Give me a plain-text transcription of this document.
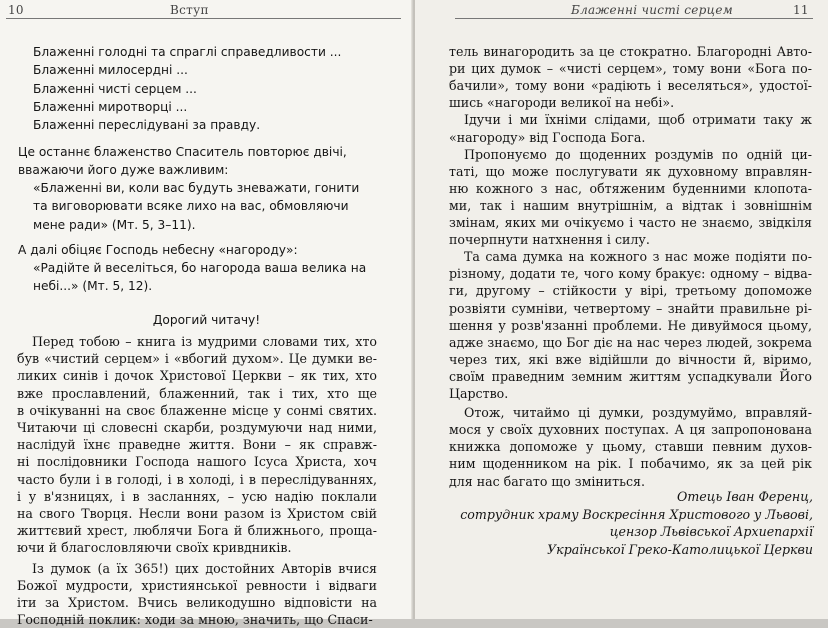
10	Вступ
Блаженні голодні та спраглі справедливости ...
Блаженні милосердні ...
Блаженні чисті серцем ...
Блаженні миротворці ...
Блаженні переслідувані за правду.
Це останнє блаженство Спаситель повторює двічі,
вважаючи його дуже важливим:
«Блаженні ви, коли вас будуть зневажати, гонити
та виговорювати всяке лихо на вас, обмовляючи
мене ради» (Мт. 5, 3–11).
А далі обіцяє Господь небесну «нагороду»:
«Радійте й веселіться, бо нагорода ваша велика на
небі...» (Мт. 5, 12).
Дорогий читачу!
Перед тобою – книга із мудрими словами тих, хто
був «чистий серцем» і «вбогий духом». Це думки ве-
ликих синів і дочок Христової Церкви – як тих, хто
вже прославлений, блаженний, так і тих, хто ще
в очікуванні на своє блаженне місце у сонмі святих.
Читаючи ці словесні скарби, роздумуючи над ними,
наслідуй їхнє праведне життя. Вони – як справж-
ні послідовники Господа нашого Ісуса Христа, хоч
часто були і в голоді, і в холоді, і в переслідуваннях,
і у в'язницях, і в засланнях, – усю надію поклали
на свого Творця. Несли вони разом із Христом свій
життєвий хрест, люблячи Бога й ближнього, проща-
ючи й благословляючи своїх кривдників.
Із думок (а їх 365!) цих достойних Авторів вчися
Божої мудрости, християнської ревности і відваги
іти за Христом. Вчись великодушно відповісти на
Господній поклик: ходи за мною, значить, що Спаси-
Блаженні чисті серцем	11
тель винагородить за це стократно. Благородні Авто-
ри цих думок – «чисті серцем», тому вони «Бога по-
бачили», тому вони «радіють і веселяться», удостої-
шись «нагороди великої на небі».
Ідучи і ми їхніми слідами, щоб отримати таку ж
«нагороду» від Господа Бога.
Пропонуємо до щоденних роздумів по одній ци-
таті, що може послугувати як духовному вправлян-
ню кожного з нас, обтяженим буденними клопота-
ми, так і нашим внутрішнім, а відтак і зовнішнім
змінам, яких ми очікуємо і часто не знаємо, звідкіля
почерпнути натхнення і силу.
Та сама думка на кожного з нас може подіяти по-
різному, додати те, чого кому бракує: одному – відва-
ги, другому – стійкости у вірі, третьому допоможе
розвіяти сумніви, четвертому – знайти правильне рі-
шення у розв'язанні проблеми. Не дивуймося цьому,
адже знаємо, що Бог діє на нас через людей, зокрема
через тих, які вже відійшли до вічности й, віримо,
своїм праведним земним життям успадкували Його
Царство.
Отож, читаймо ці думки, роздумуймо, вправляй-
мося у своїх духовних поступах. А ця запропонована
книжка допоможе у цьому, ставши певним духов-
ним щоденником на рік. І побачимо, як за цей рік
для нас багато що зміниться.
Отець Іван Ференц,
сотрудник храму Воскресіння Христового у Львові,
цензор Львівської Архиепархії
Української Греко-Католицької Церкви
